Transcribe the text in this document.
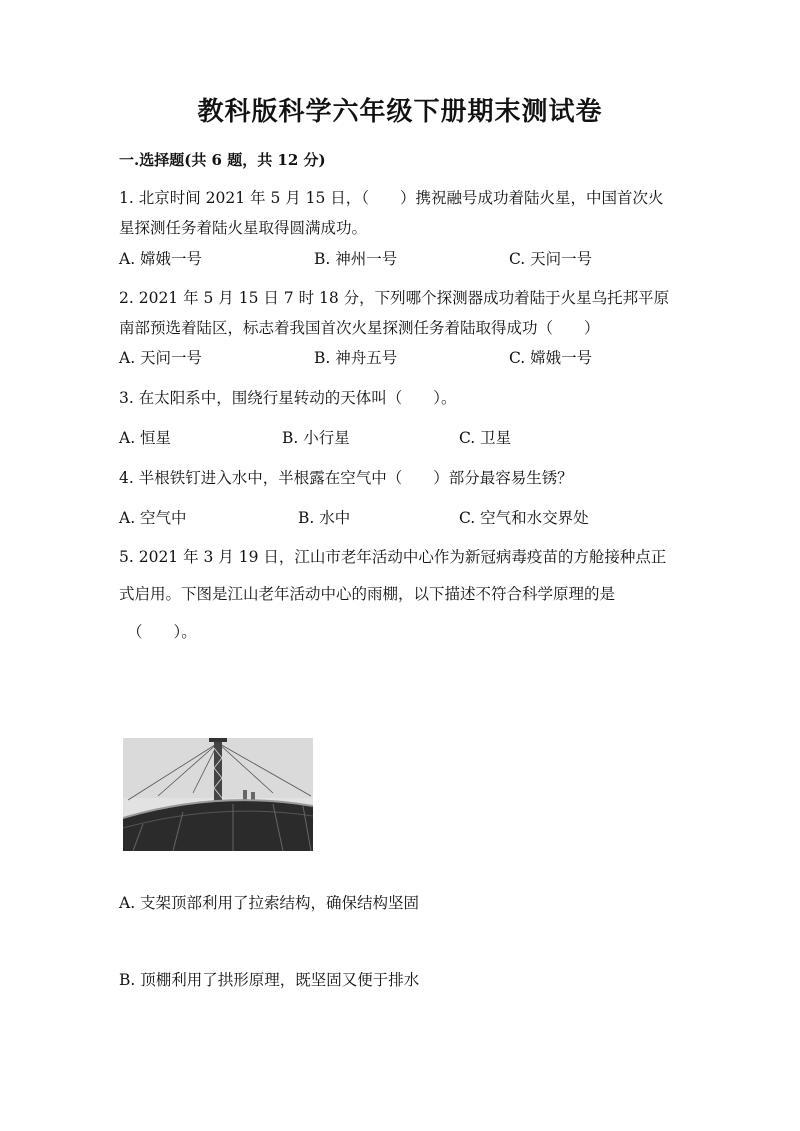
教科版科学六年级下册期末测试卷
一.选择题(共 6 题，共 12 分)
1. 北京时间 2021 年 5 月 15 日，（　　）携祝融号成功着陆火星，中国首次火星探测任务着陆火星取得圆满成功。
A. 嫦娥一号	B. 神州一号	C. 天问一号
2. 2021 年 5 月 15 日 7 时 18 分，下列哪个探测器成功着陆于火星乌托邦平原南部预选着陆区，标志着我国首次火星探测任务着陆取得成功（　　）
A. 天问一号	B. 神舟五号	C. 嫦娥一号
3. 在太阳系中，围绕行星转动的天体叫（　　）。
A. 恒星	B. 小行星	C. 卫星
4. 半根铁钉进入水中，半根露在空气中（　　）部分最容易生锈？
A. 空气中	B. 水中	C. 空气和水交界处
5. 2021 年 3 月 19 日，江山市老年活动中心作为新冠病毒疫苗的方舱接种点正
式启用。下图是江山老年活动中心的雨棚，以下描述不符合科学原理的是
（　　）。
A. 支架顶部利用了拉索结构，确保结构坚固
B. 顶棚利用了拱形原理，既坚固又便于排水
